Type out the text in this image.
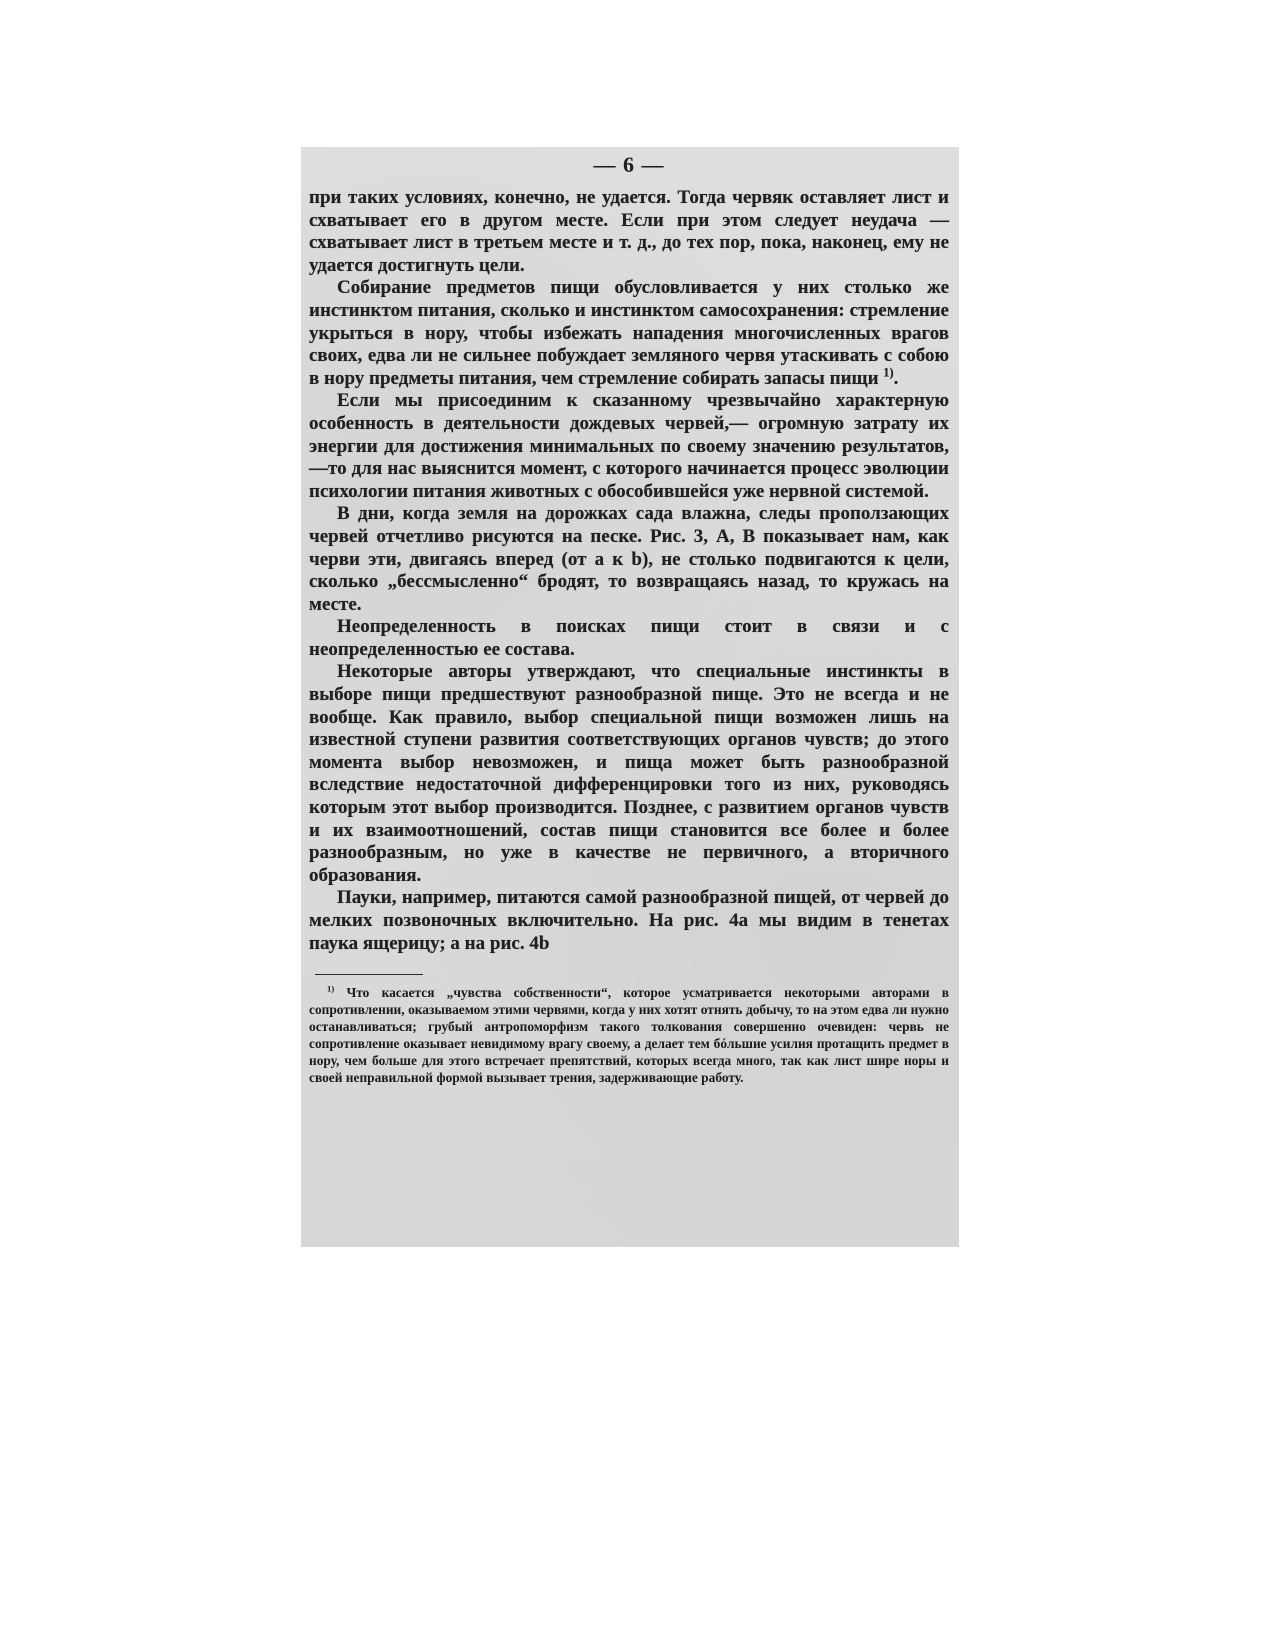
— 6 —

при таких условиях, конечно, не удается. Тогда червяк оставляет лист и схватывает его в другом месте. Если при этом следует неудача — схватывает лист в третьем месте и т. д., до тех пор, пока, наконец, ему не удается достигнуть цели.

Собирание предметов пищи обусловливается у них столько же инстинктом питания, сколько и инстинктом самосохранения: стремление укрыться в нору, чтобы избежать нападения многочисленных врагов своих, едва ли не сильнее побуждает земляного червя утаскивать с собою в нору предметы питания, чем стремление собирать запасы пищи $^{1)}$.

Если мы присоединим к сказанному чрезвычайно характерную особенность в деятельности дождевых червей,— огромную затрату их энергии для достижения минимальных по своему значению результатов,—то для нас выяснится момент, с которого начинается процесс эволюции психологии питания животных с обособившейся уже нервной системой.

В дни, когда земля на дорожках сада влажна, следы проползающих червей отчетливо рисуются на песке. Рис. 3, А, В показывает нам, как черви эти, двигаясь вперед (от а к b), не столько подвигаются к цели, сколько „бессмысленно“ бродят, то возвращаясь назад, то кружась на месте.

Неопределенность в поисках пищи стоит в связи и с неопределенностью ее состава.

Некоторые авторы утверждают, что специальные инстинкты в выборе пищи предшествуют разнообразной пище. Это не всегда и не вообще. Как правило, выбор специальной пищи возможен лишь на известной ступени развития соответствующих органов чувств; до этого момента выбор невозможен, и пища может быть разнообразной вследствие недостаточной дифференцировки того из них, руководясь которым этот выбор производится. Позднее, с развитием органов чувств и их взаимоотношений, состав пищи становится все более и более разнообразным, но уже в качестве не первичного, а вторичного образования.

Пауки, например, питаются самой разнообразной пищей, от червей до мелких позвоночных включительно. На рис. 4а мы видим в тенетах паука ящерицу; а на рис. 4b

$^{1)}$ Что касается „чувства собственности“, которое усматривается некоторыми авторами в сопротивлении, оказываемом этими червями, когда у них хотят отнять добычу, то на этом едва ли нужно останавливаться; грубый антропоморфизм такого толкования совершенно очевиден: червь не сопротивление оказывает невидимому врагу своему, а делает тем бóльшие усилия протащить предмет в нору, чем больше для этого встречает препятствий, которых всегда много, так как лист шире норы и своей неправильной формой вызывает трения, задерживающие работу.
